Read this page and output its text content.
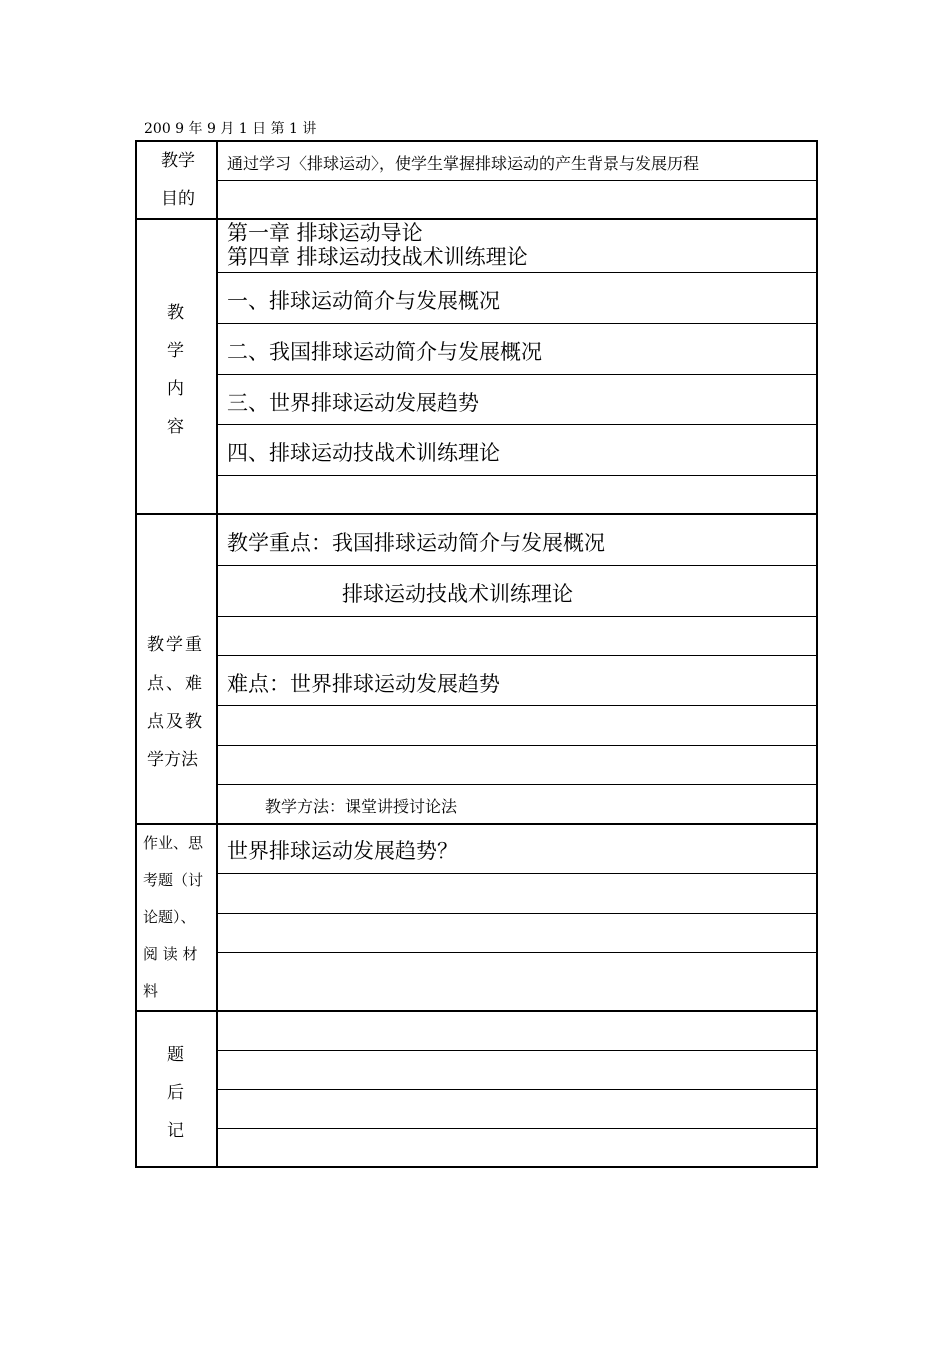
200 9 年 9 月 1 日 第 1 讲
教学
目的
通过学习〈排球运动〉，使学生掌握排球运动的产生背景与发展历程
教
学
内
容
第一章 排球运动导论
第四章 排球运动技战术训练理论
一、排球运动简介与发展概况
二、我国排球运动简介与发展概况
三、世界排球运动发展趋势
四、排球运动技战术训练理论
教学重
点、难
点及教
学方法
教学重点：我国排球运动简介与发展概况
排球运动技战术训练理论
难点：世界排球运动发展趋势
教学方法：课堂讲授讨论法
作业、思
考题（讨
论题）、
阅 读 材
料
世界排球运动发展趋势？
题
后
记
